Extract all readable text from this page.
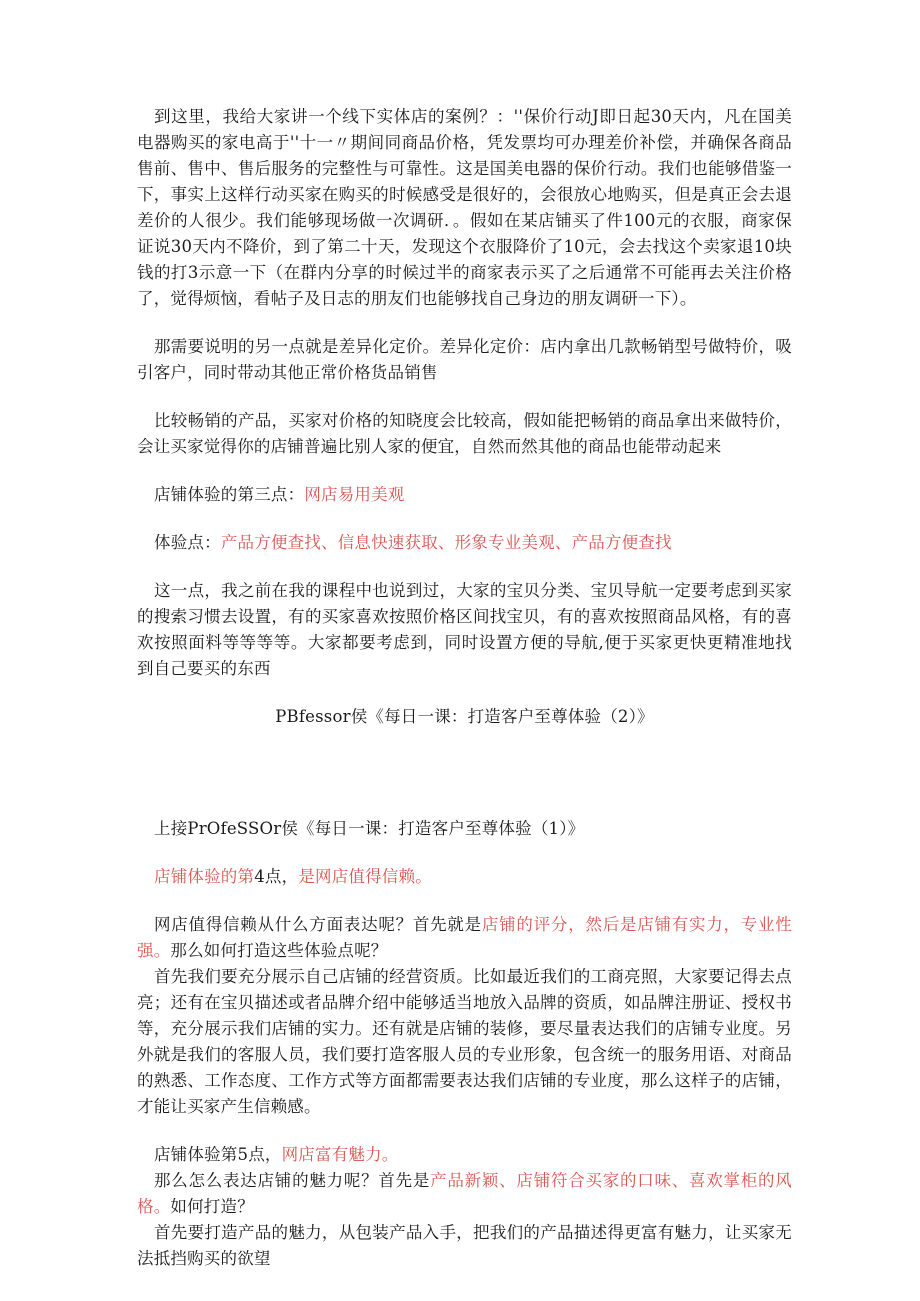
到这里，我给大家讲一个线下实体店的案例？：''保价行动J即日起30天内，凡在国美电器购买的家电高于''十一〃期间同商品价格，凭发票均可办理差价补偿，并确保各商品售前、售中、售后服务的完整性与可靠性。这是国美电器的保价行动。我们也能够借鉴一下，事实上这样行动买家在购买的时候感受是很好的，会很放心地购买，但是真正会去退差价的人很少。我们能够现场做一次调研．。假如在某店铺买了件100元的衣服，商家保证说30天内不降价，到了第二十天，发现这个衣服降价了10元，会去找这个卖家退10块钱的打3示意一下（在群内分享的时候过半的商家表示买了之后通常不可能再去关注价格了，觉得烦恼，看帖子及日志的朋友们也能够找自己身边的朋友调研一下）。

那需要说明的另一点就是差异化定价。差异化定价：店内拿出几款畅销型号做特价，吸引客户，同时带动其他正常价格货品销售

比较畅销的产品，买家对价格的知晓度会比较高，假如能把畅销的商品拿出来做特价，会让买家觉得你的店铺普遍比别人家的便宜，自然而然其他的商品也能带动起来

店铺体验的第三点：网店易用美观

体验点：产品方便查找、信息快速获取、形象专业美观、产品方便查找

这一点，我之前在我的课程中也说到过，大家的宝贝分类、宝贝导航一定要考虑到买家的搜索习惯去设置，有的买家喜欢按照价格区间找宝贝，有的喜欢按照商品风格，有的喜欢按照面料等等等等。大家都要考虑到，同时设置方便的导航,便于买家更快更精准地找到自己要买的东西

PBfessor侯《每日一课：打造客户至尊体验（2）》

上接PrOfeSSOr侯《每日一课：打造客户至尊体验（1）》

店铺体验的第4点，是网店值得信赖。

网店值得信赖从什么方面表达呢？首先就是店铺的评分，然后是店铺有实力，专业性强。那么如何打造这些体验点呢？

首先我们要充分展示自己店铺的经营资质。比如最近我们的工商亮照，大家要记得去点亮；还有在宝贝描述或者品牌介绍中能够适当地放入品牌的资质，如品牌注册证、授权书等，充分展示我们店铺的实力。还有就是店铺的装修，要尽量表达我们的店铺专业度。另外就是我们的客服人员，我们要打造客服人员的专业形象，包含统一的服务用语、对商品的熟悉、工作态度、工作方式等方面都需要表达我们店铺的专业度，那么这样子的店铺，才能让买家产生信赖感。

店铺体验第5点，网店富有魅力。

那么怎么表达店铺的魅力呢？首先是产品新颖、店铺符合买家的口味、喜欢掌柜的风格。如何打造？

首先要打造产品的魅力，从包装产品入手，把我们的产品描述得更富有魅力，让买家无法抵挡购买的欲望
